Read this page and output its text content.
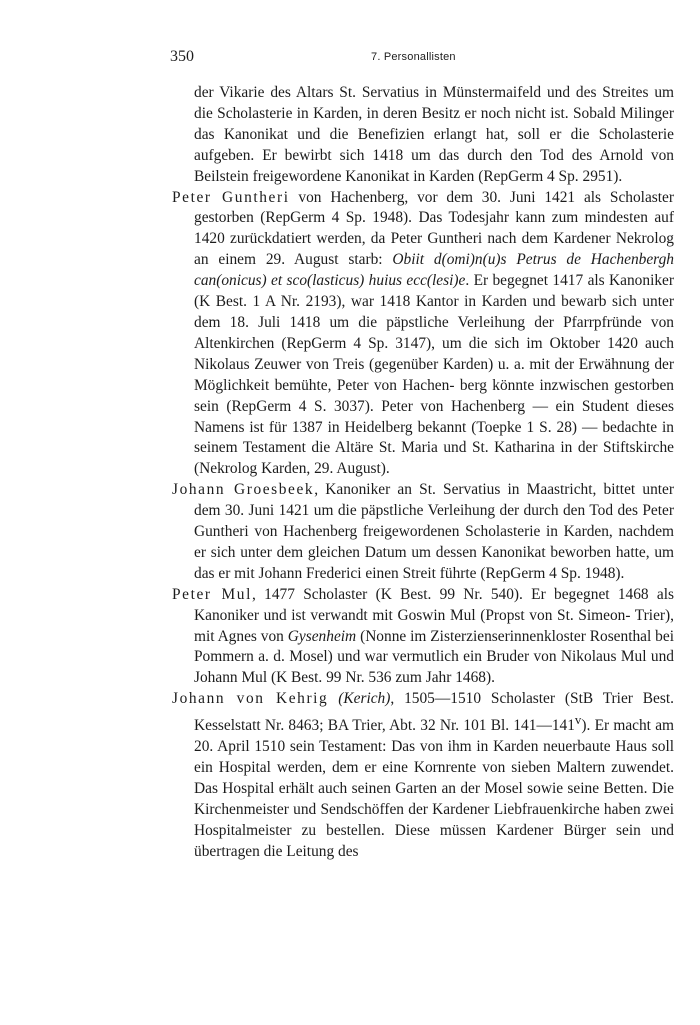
350	7. Personallisten

der Vikarie des Altars St. Servatius in Münstermaifeld und des Streites um die Scholasterie in Karden, in deren Besitz er noch nicht ist. Sobald Milinger das Kanonikat und die Benefizien erlangt hat, soll er die Scholasterie aufgeben. Er bewirbt sich 1418 um das durch den Tod des Arnold von Beilstein freigewordene Kanonikat in Karden (RepGerm 4 Sp. 2951).

Peter Guntheri von Hachenberg, vor dem 30. Juni 1421 als Scholaster gestorben (RepGerm 4 Sp. 1948). Das Todesjahr kann zum mindesten auf 1420 zurückdatiert werden, da Peter Guntheri nach dem Kardener Nekrolog an einem 29. August starb: Obiit d(omi)n(u)s Petrus de Hachenbergh can(onicus) et sco(lasticus) huius ecc(lesi)e. Er begegnet 1417 als Kanoniker (K Best. 1 A Nr. 2193), war 1418 Kantor in Karden und bewarb sich unter dem 18. Juli 1418 um die päpstliche Verleihung der Pfarrpfründe von Altenkirchen (RepGerm 4 Sp. 3147), um die sich im Oktober 1420 auch Nikolaus Zeuwer von Treis (gegenüber Karden) u. a. mit der Erwähnung der Möglichkeit bemühte, Peter von Hachen- berg könnte inzwischen gestorben sein (RepGerm 4 S. 3037). Peter von Hachenberg — ein Student dieses Namens ist für 1387 in Heidelberg bekannt (Toepke 1 S. 28) — bedachte in seinem Testament die Altäre St. Maria und St. Katharina in der Stiftskirche (Nekrolog Karden, 29. August).

Johann Groesbeek, Kanoniker an St. Servatius in Maastricht, bittet unter dem 30. Juni 1421 um die päpstliche Verleihung der durch den Tod des Peter Guntheri von Hachenberg freigewordenen Scholasterie in Karden, nachdem er sich unter dem gleichen Datum um dessen Kanonikat beworben hatte, um das er mit Johann Frederici einen Streit führte (RepGerm 4 Sp. 1948).

Peter Mul, 1477 Scholaster (K Best. 99 Nr. 540). Er begegnet 1468 als Kanoniker und ist verwandt mit Goswin Mul (Propst von St. Simeon- Trier), mit Agnes von Gysenheim (Nonne im Zisterzienserinnenkloster Rosenthal bei Pommern a. d. Mosel) und war vermutlich ein Bruder von Nikolaus Mul und Johann Mul (K Best. 99 Nr. 536 zum Jahr 1468).

Johann von Kehrig (Kerich), 1505—1510 Scholaster (StB Trier Best. Kesselstatt Nr. 8463; BA Trier, Abt. 32 Nr. 101 Bl. 141—141$^v$). Er macht am 20. April 1510 sein Testament: Das von ihm in Karden neuerbaute Haus soll ein Hospital werden, dem er eine Kornrente von sieben Maltern zuwendet. Das Hospital erhält auch seinen Garten an der Mosel sowie seine Betten. Die Kirchenmeister und Sendschöffen der Kardener Liebfrauenkirche haben zwei Hospitalmeister zu bestellen. Diese müssen Kardener Bürger sein und übertragen die Leitung des
